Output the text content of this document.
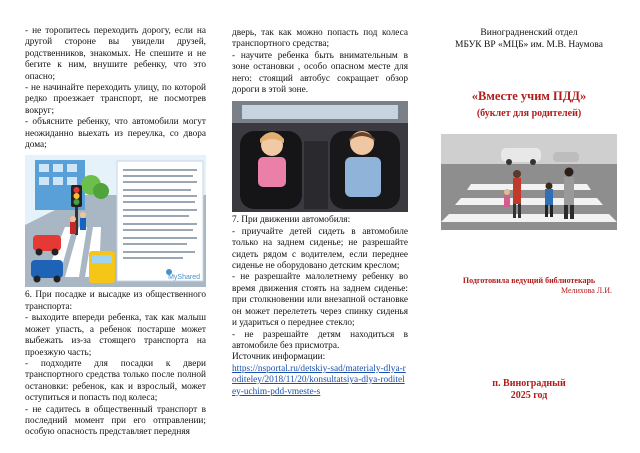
- не торопитесь переходить дорогу, если на другой стороне вы увидели друзей, родственников, знакомых. Не спешите и не бегите к ним, внушите ребенку, что это опасно;

- не начинайте переходить улицу, по которой редко проезжает транспорт, не посмотрев вокруг;

- объясните ребенку, что автомобили могут неожиданно выехать из переулка, со двора дома;

MyShared

6. При посадке и высадке из общественного транспорта:

- выходите впереди ребенка, так как малыш может упасть, а ребенок постарше может выбежать из-за стоящего транспорта на проезжую часть;

- подходите для посадки к двери транспортного средства только после полной остановки: ребенок, как и взрослый, может оступиться и попасть под колеса;

- не садитесь в общественный транспорт в последний момент при его отправлении; особую опасность представляет передняя

дверь, так как можно попасть под колеса транспортного средства;

- научите ребенка быть внимательным в зоне остановки , особо опасном месте для него: стоящий автобус сокращает обзор дороги в этой зоне.

7. При движении автомобиля:

- приучайте детей сидеть в автомобиле только на заднем сиденье; не разрешайте сидеть рядом с водителем, если переднее сиденье не оборудовано детским креслом;

- не разрешайте малолетнему ребенку во время движения стоять на заднем сиденье: при столкновении или внезапной остановке он может перелететь через спинку сиденья и удариться о переднее стекло;

- не разрешайте детям находиться в автомобиле без присмотра.

Источник информации:

https://nsportal.ru/detskiy-sad/materialy-dlya-roditeley/2018/11/20/konsultatsiya-dlya-roditeley-uchim-pdd-vmeste-s

Виноградненский отдел
МБУК ВР «МЦБ» им. М.В. Наумова
«Вместе учим ПДД»
(буклет для родителей)
Подготовила ведущий библиотекарь
Мелихова Л.И.
п. Виноградный
2025 год
